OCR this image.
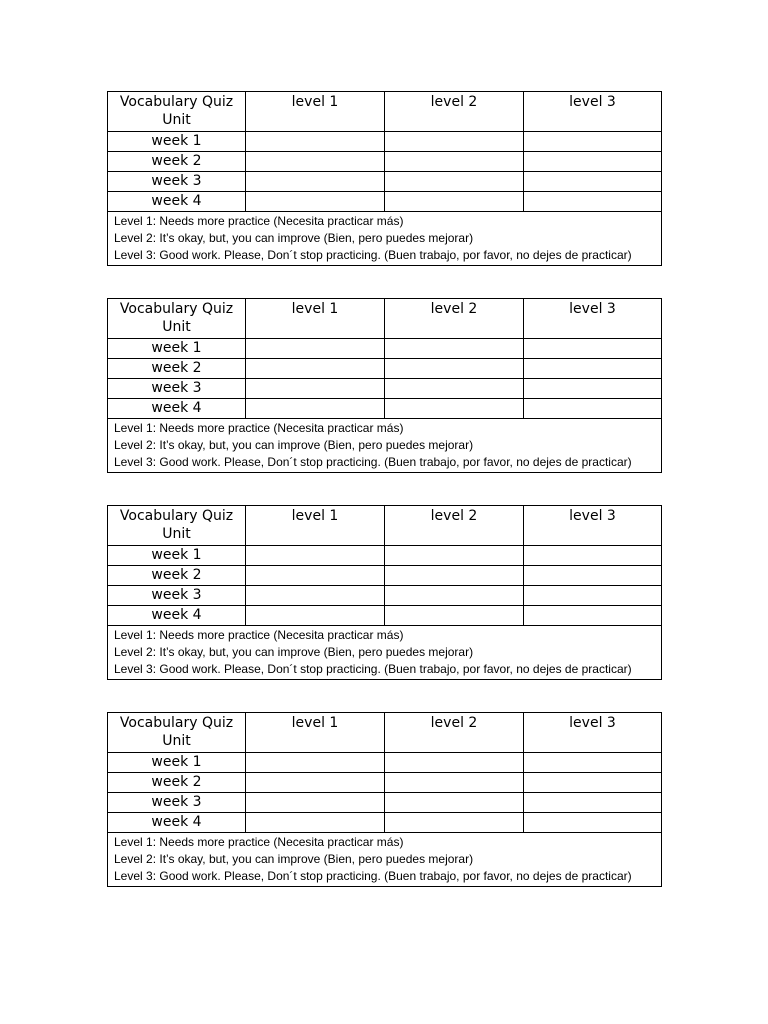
Vocabulary Quiz Unit	level 1	level 2	level 3
week 1			
week 2			
week 3			
week 4			

Level 1: Needs more practice (Necesita practicar más)
Level 2: It’s okay, but, you can improve (Bien, pero puedes mejorar)
Level 3: Good work. Please, Don´t stop practicing. (Buen trabajo, por favor, no dejes de practicar)			
Vocabulary Quiz Unit	level 1	level 2	level 3
week 1			
week 2			
week 3			
week 4			

Level 1: Needs more practice (Necesita practicar más)
Level 2: It’s okay, but, you can improve (Bien, pero puedes mejorar)
Level 3: Good work. Please, Don´t stop practicing. (Buen trabajo, por favor, no dejes de practicar)			
Vocabulary Quiz Unit	level 1	level 2	level 3
week 1			
week 2			
week 3			
week 4			

Level 1: Needs more practice (Necesita practicar más)
Level 2: It’s okay, but, you can improve (Bien, pero puedes mejorar)
Level 3: Good work. Please, Don´t stop practicing. (Buen trabajo, por favor, no dejes de practicar)			
Vocabulary Quiz Unit	level 1	level 2	level 3
week 1			
week 2			
week 3			
week 4			

Level 1: Needs more practice (Necesita practicar más)
Level 2: It’s okay, but, you can improve (Bien, pero puedes mejorar)
Level 3: Good work. Please, Don´t stop practicing. (Buen trabajo, por favor, no dejes de practicar)			
